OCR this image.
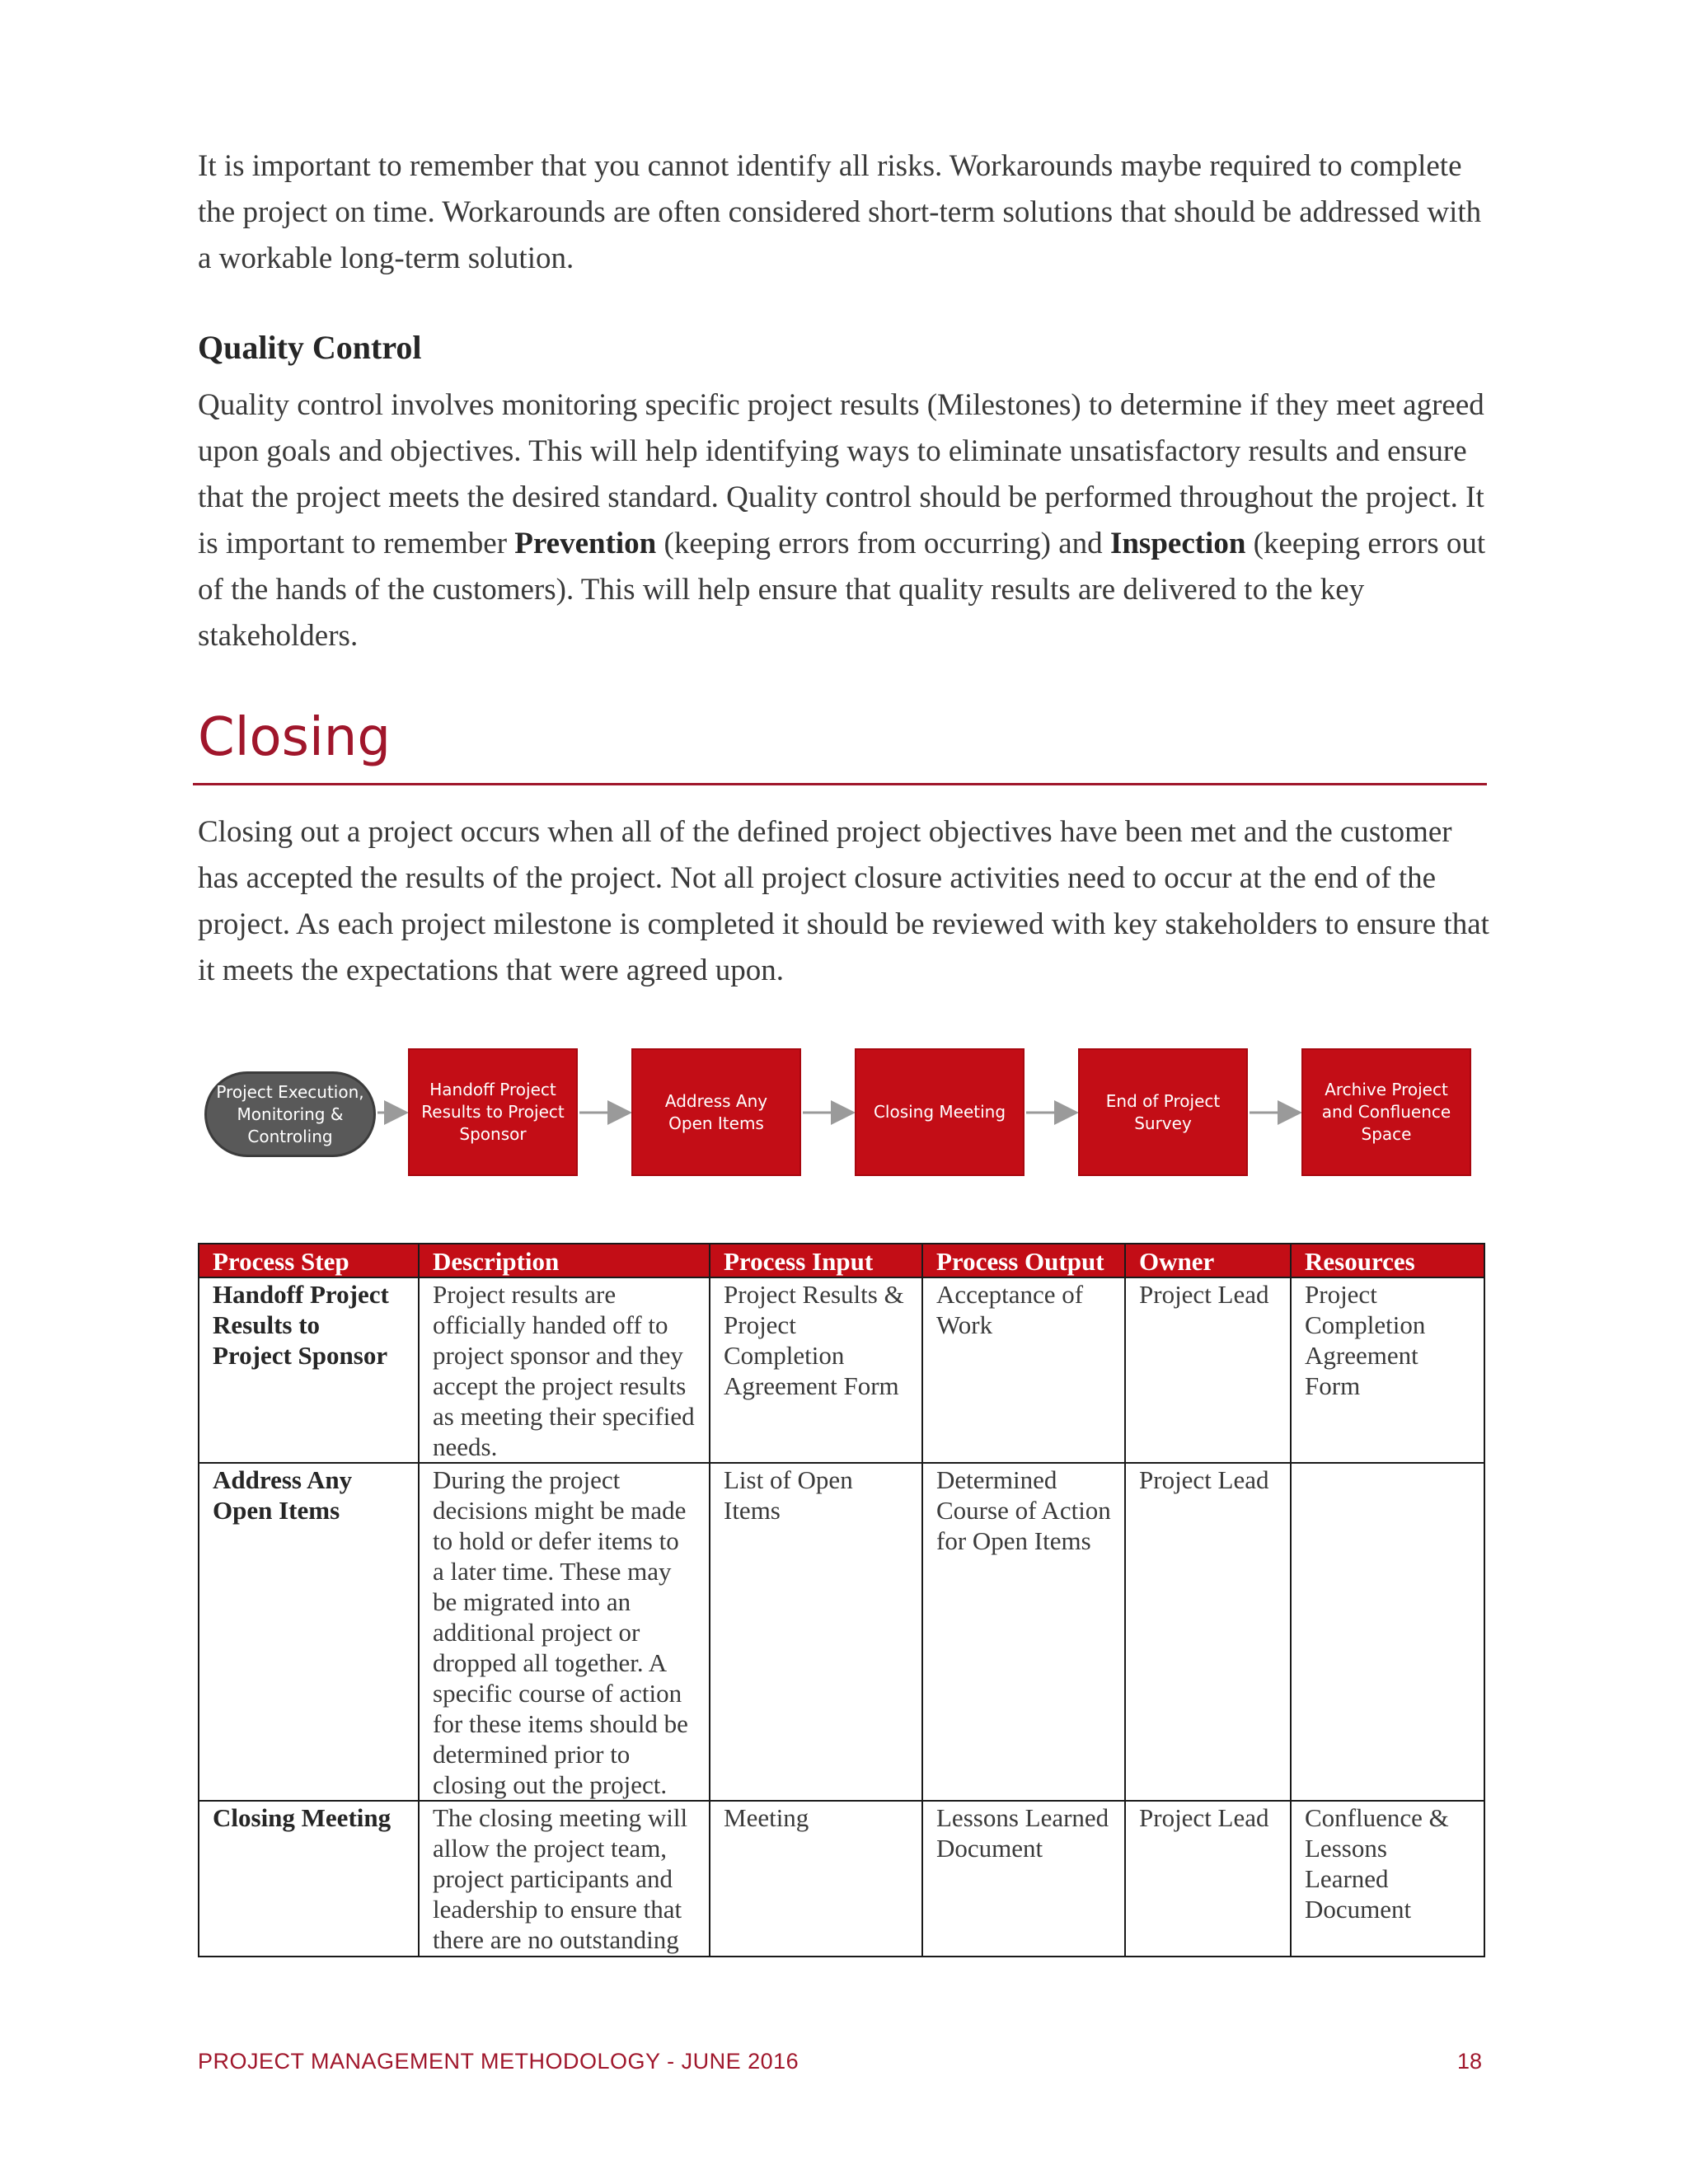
It is important to remember that you cannot identify all risks. Workarounds maybe required to complete the project on time. Workarounds are often considered short-term solutions that should be addressed with a workable long-term solution.

Quality Control

Quality control involves monitoring specific project results (Milestones) to determine if they meet agreed upon goals and objectives. This will help identifying ways to eliminate unsatisfactory results and ensure that the project meets the desired standard. Quality control should be performed throughout the project. It is important to remember Prevention (keeping errors from occurring) and Inspection (keeping errors out of the hands of the customers). This will help ensure that quality results are delivered to the key stakeholders.

Closing

Closing out a project occurs when all of the defined project objectives have been met and the customer has accepted the results of the project. Not all project closure activities need to occur at the end of the project. As each project milestone is completed it should be reviewed with key stakeholders to ensure that it meets the expectations that were agreed upon.

Project Execution, Monitoring & Controling
Handoff Project Results to Project Sponsor
Address Any Open Items
Closing Meeting
End of Project Survey
Archive Project and Confluence Space
Process Step	Description	Process Input	Process Output	Owner	Resources
Handoff Project Results to Project Sponsor	Project results are officially handed off to project sponsor and they accept the project results as meeting their specified needs.	Project Results & Project Completion Agreement Form	Acceptance of Work	Project Lead	Project Completion Agreement Form
Address Any Open Items	During the project decisions might be made to hold or defer items to a later time. These may be migrated into an additional project or dropped all together. A specific course of action for these items should be determined prior to closing out the project.	List of Open Items	Determined Course of Action for Open Items	Project Lead	
Closing Meeting	The closing meeting will allow the project team, project participants and leadership to ensure that there are no outstanding	Meeting	Lessons Learned Document	Project Lead	Confluence & Lessons Learned Document
PROJECT MANAGEMENT METHODOLOGY - JUNE 2016	18
